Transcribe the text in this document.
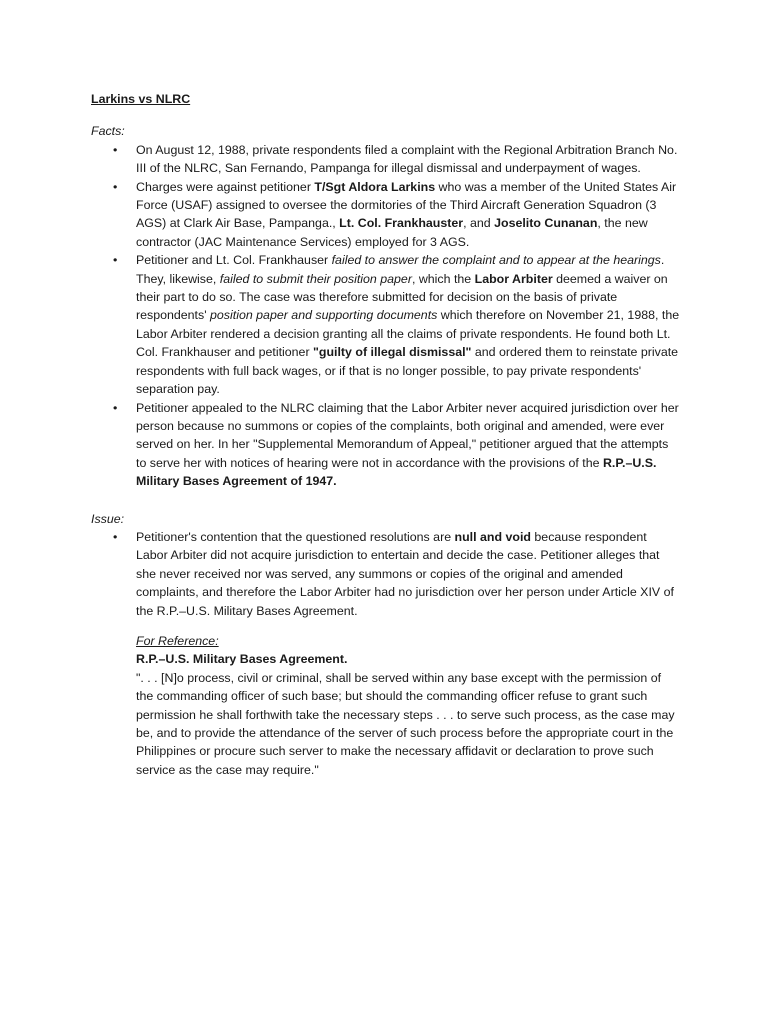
Larkins vs NLRC

Facts:

• On August 12, 1988, private respondents filed a complaint with the Regional Arbitration Branch No. III of the NLRC, San Fernando, Pampanga for illegal dismissal and underpayment of wages.
• Charges were against petitioner T/Sgt Aldora Larkins who was a member of the United States Air Force (USAF) assigned to oversee the dormitories of the Third Aircraft Generation Squadron (3 AGS) at Clark Air Base, Pampanga., Lt. Col. Frankhauster, and Joselito Cunanan, the new contractor (JAC Maintenance Services) employed for 3 AGS.
• Petitioner and Lt. Col. Frankhauser failed to answer the complaint and to appear at the hearings. They, likewise, failed to submit their position paper, which the Labor Arbiter deemed a waiver on their part to do so. The case was therefore submitted for decision on the basis of private respondents' position paper and supporting documents which therefore on November 21, 1988, the Labor Arbiter rendered a decision granting all the claims of private respondents. He found both Lt. Col. Frankhauser and petitioner "guilty of illegal dismissal" and ordered them to reinstate private respondents with full back wages, or if that is no longer possible, to pay private respondents' separation pay.
• Petitioner appealed to the NLRC claiming that the Labor Arbiter never acquired jurisdiction over her person because no summons or copies of the complaints, both original and amended, were ever served on her. In her "Supplemental Memorandum of Appeal," petitioner argued that the attempts to serve her with notices of hearing were not in accordance with the provisions of the R.P.–U.S. Military Bases Agreement of 1947.

Issue:

• Petitioner's contention that the questioned resolutions are null and void because respondent Labor Arbiter did not acquire jurisdiction to entertain and decide the case. Petitioner alleges that she never received nor was served, any summons or copies of the original and amended complaints, and therefore the Labor Arbiter had no jurisdiction over her person under Article XIV of the R.P.–U.S. Military Bases Agreement.
For Reference:
R.P.–U.S. Military Bases Agreement.
". . . [N]o process, civil or criminal, shall be served within any base except with the permission of the commanding officer of such base; but should the commanding officer refuse to grant such permission he shall forthwith take the necessary steps . . . to serve such process, as the case may be, and to provide the attendance of the server of such process before the appropriate court in the Philippines or procure such server to make the necessary affidavit or declaration to prove such service as the case may require."
